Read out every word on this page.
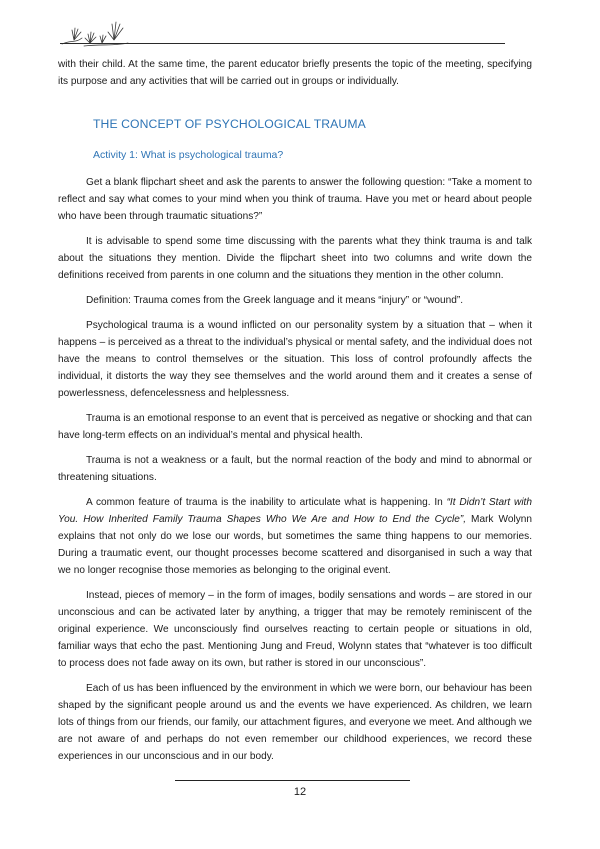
with their child. At the same time, the parent educator briefly presents the topic of the meeting, specifying its purpose and any activities that will be carried out in groups or individually.

THE CONCEPT OF PSYCHOLOGICAL TRAUMA
Activity 1: What is psychological trauma?

Get a blank flipchart sheet and ask the parents to answer the following question: “Take a moment to reflect and say what comes to your mind when you think of trauma. Have you met or heard about people who have been through traumatic situations?”

It is advisable to spend some time discussing with the parents what they think trauma is and talk about the situations they mention. Divide the flipchart sheet into two columns and write down the definitions received from parents in one column and the situations they mention in the other column.

Definition: Trauma comes from the Greek language and it means “injury” or “wound”.

Psychological trauma is a wound inflicted on our personality system by a situation that – when it happens – is perceived as a threat to the individual’s physical or mental safety, and the individual does not have the means to control themselves or the situation. This loss of control profoundly affects the individual, it distorts the way they see themselves and the world around them and it creates a sense of powerlessness, defencelessness and helplessness.

Trauma is an emotional response to an event that is perceived as negative or shocking and that can have long-term effects on an individual’s mental and physical health.

Trauma is not a weakness or a fault, but the normal reaction of the body and mind to abnormal or threatening situations.

A common feature of trauma is the inability to articulate what is happening. In “It Didn’t Start with You. How Inherited Family Trauma Shapes Who We Are and How to End the Cycle”, Mark Wolynn explains that not only do we lose our words, but sometimes the same thing happens to our memories. During a traumatic event, our thought processes become scattered and disorganised in such a way that we no longer recognise those memories as belonging to the original event.

Instead, pieces of memory – in the form of images, bodily sensations and words – are stored in our unconscious and can be activated later by anything, a trigger that may be remotely reminiscent of the original experience. We unconsciously find ourselves reacting to certain people or situations in old, familiar ways that echo the past. Mentioning Jung and Freud, Wolynn states that “whatever is too difficult to process does not fade away on its own, but rather is stored in our unconscious”.

Each of us has been influenced by the environment in which we were born, our behaviour has been shaped by the significant people around us and the events we have experienced. As children, we learn lots of things from our friends, our family, our attachment figures, and everyone we meet. And although we are not aware of and perhaps do not even remember our childhood experiences, we record these experiences in our unconscious and in our body.

12
